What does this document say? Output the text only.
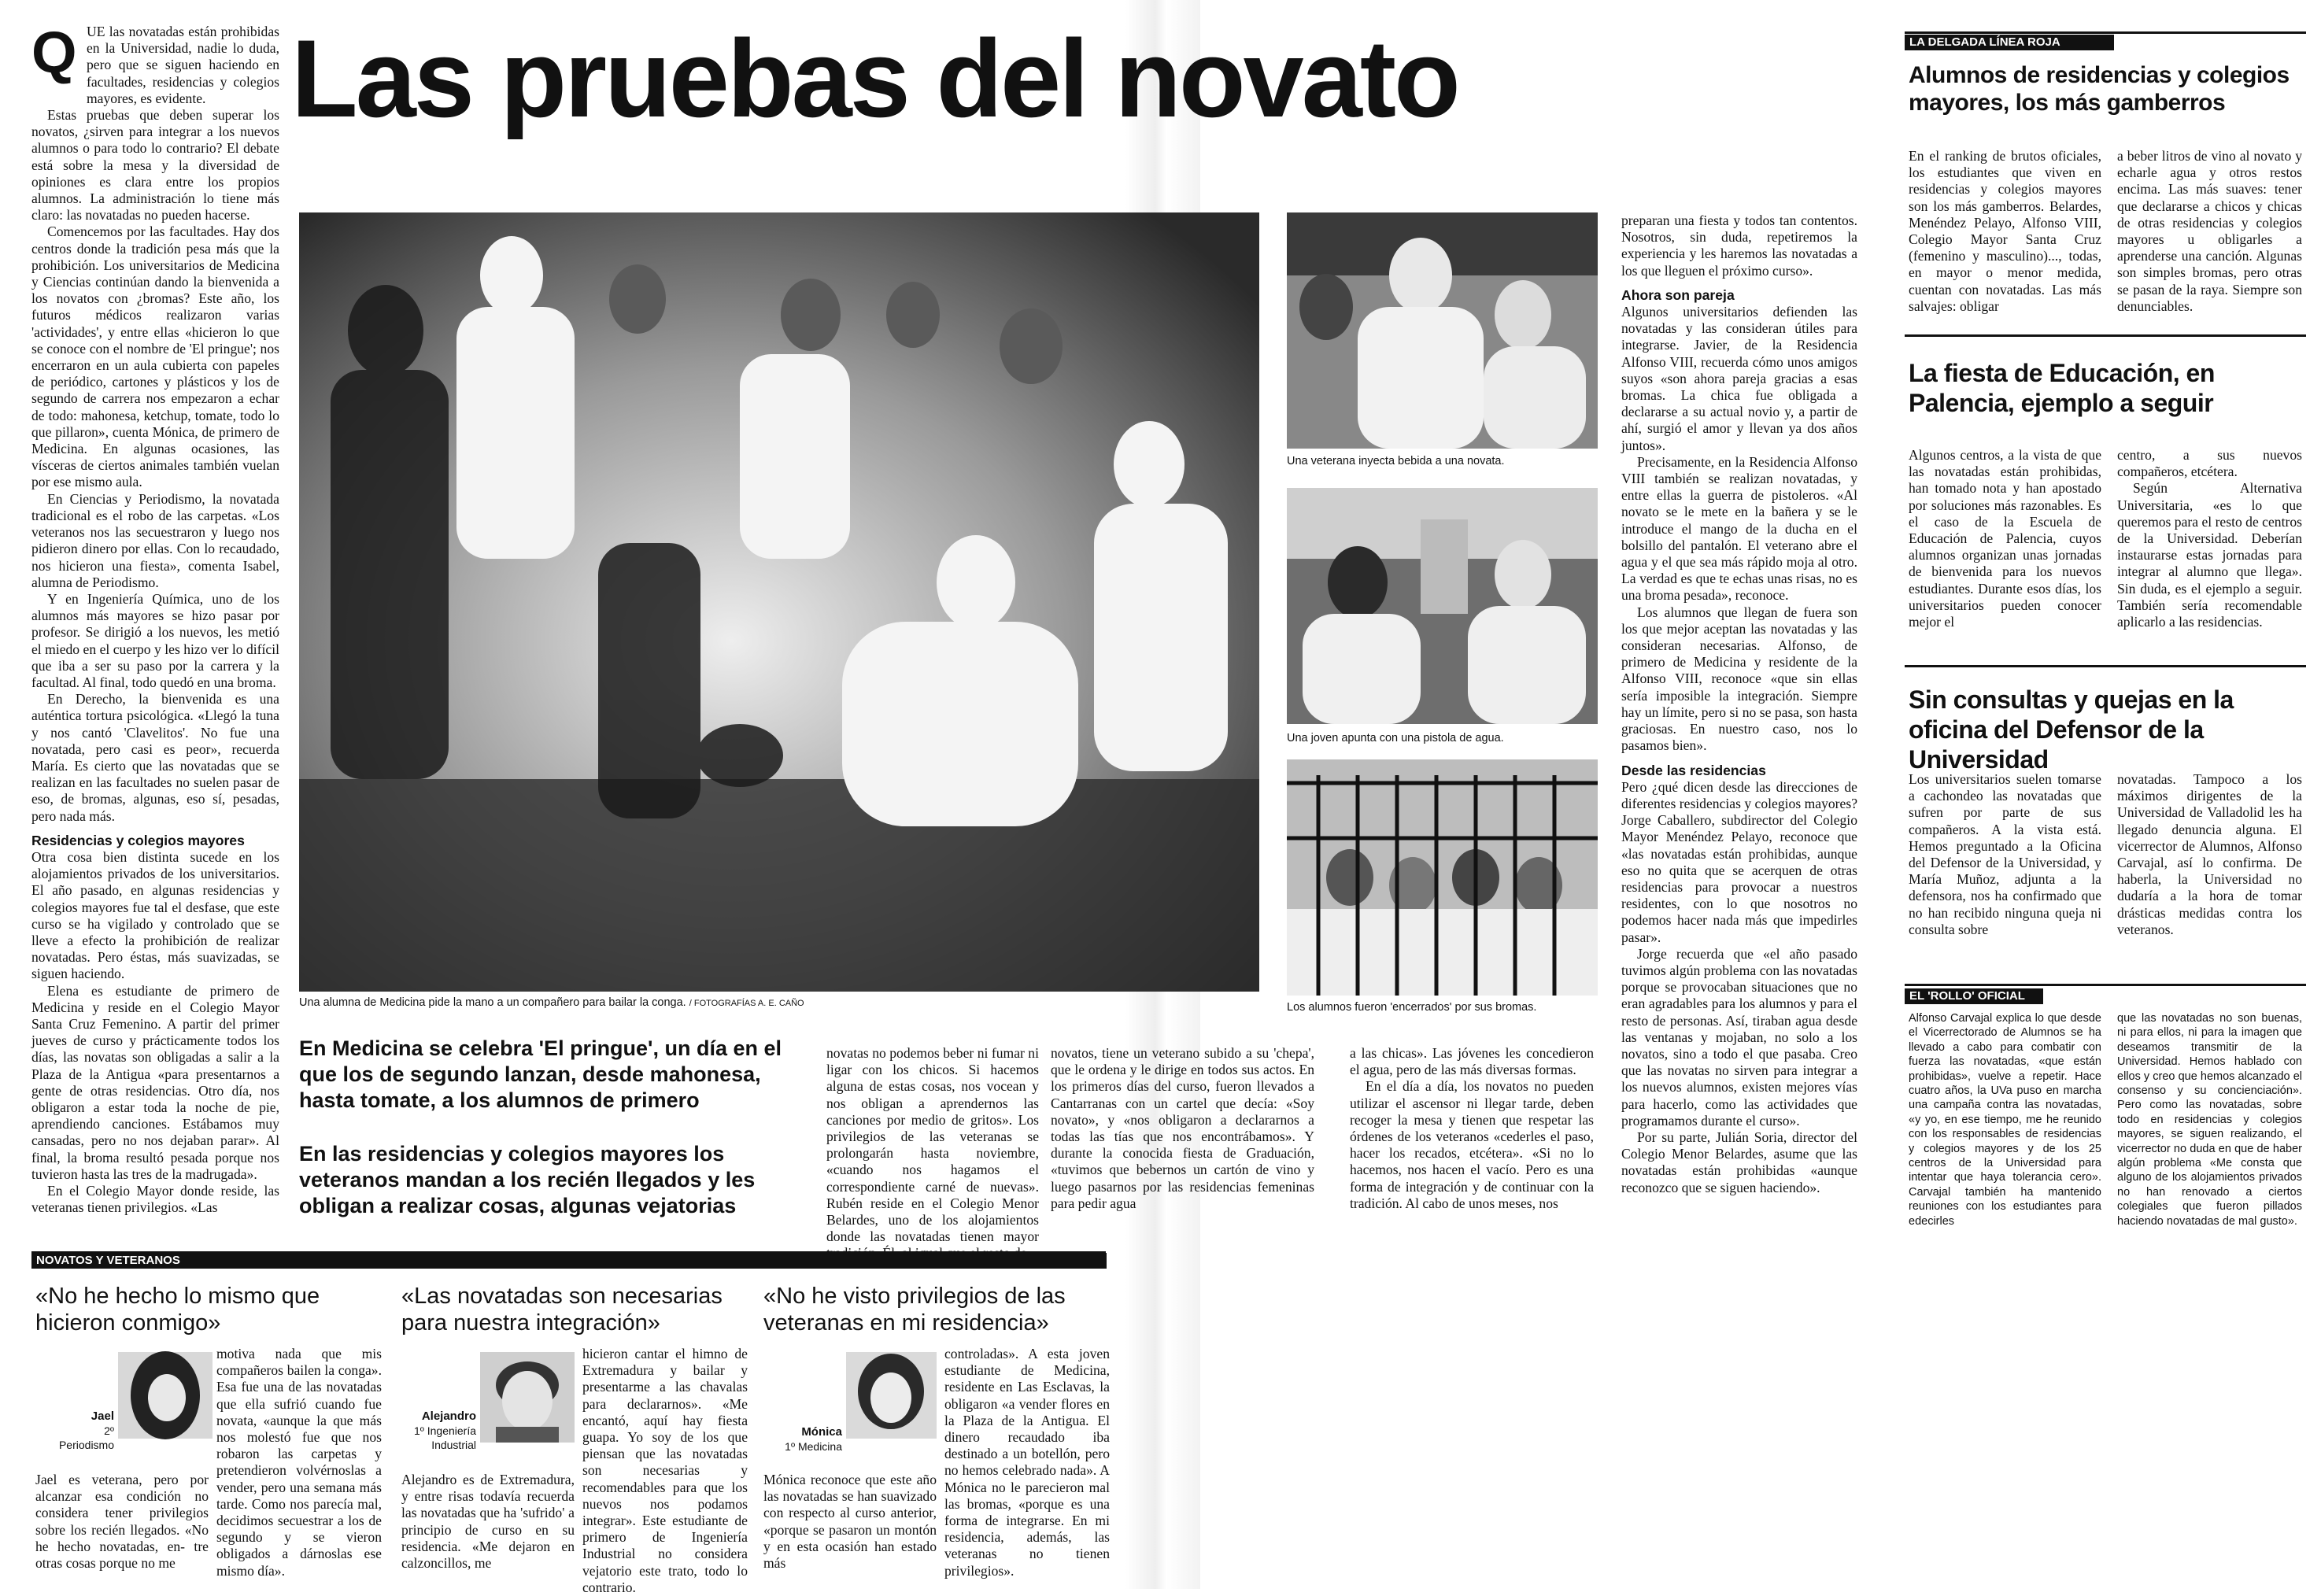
Q Las pruebas del novato

UE las novatadas están prohibidas en la Universidad, nadie lo duda, pero que se siguen haciendo en facultades, residencias y colegios mayores, es evidente.

Estas pruebas que deben superar los novatos, ¿sirven para integrar a los nuevos alumnos o para todo lo contrario? El debate está sobre la mesa y la diversidad de opiniones es clara entre los propios alumnos. La administración lo tiene más claro: las novatadas no pueden hacerse.

Comencemos por las facultades. Hay dos centros donde la tradición pesa más que la prohibición. Los universitarios de Medicina y Ciencias continúan dando la bienvenida a los novatos con ¿bromas? Este año, los futuros médicos realizaron varias 'actividades', y entre ellas «hicieron lo que se conoce con el nombre de 'El pringue'; nos encerraron en un aula cubierta con papeles de periódico, cartones y plásticos y los de segundo de carrera nos empezaron a echar de todo: mahonesa, ketchup, tomate, todo lo que pillaron», cuenta Mónica, de primero de Medicina. En algunas ocasiones, las vísceras de ciertos animales también vuelan por ese mismo aula.

En Ciencias y Periodismo, la novatada tradicional es el robo de las carpetas. «Los veteranos nos las secuestraron y luego nos pidieron dinero por ellas. Con lo recaudado, nos hicieron una fiesta», comenta Isabel, alumna de Periodismo.

Y en Ingeniería Química, uno de los alumnos más mayores se hizo pasar por profesor. Se dirigió a los nuevos, les metió el miedo en el cuerpo y les hizo ver lo difícil que iba a ser su paso por la carrera y la facultad. Al final, todo quedó en una broma.

En Derecho, la bienvenida es una auténtica tortura psicológica. «Llegó la tuna y nos cantó 'Clavelitos'. No fue una novatada, pero casi es peor», recuerda María. Es cierto que las novatadas que se realizan en las facultades no suelen pasar de eso, de bromas, algunas, eso sí, pesadas, pero nada más.

Residencias y colegios mayores

Otra cosa bien distinta sucede en los alojamientos privados de los universitarios. El año pasado, en algunas residencias y colegios mayores fue tal el desfase, que este curso se ha vigilado y controlado que se lleve a efecto la prohibición de realizar novatadas. Pero éstas, más suavizadas, se siguen haciendo.

Elena es estudiante de primero de Medicina y reside en el Colegio Mayor Santa Cruz Femenino. A partir del primer jueves de curso y prácticamente todos los días, las novatas son obligadas a salir a la Plaza de la Antigua «para presentarnos a gente de otras residencias. Otro día, nos obligaron a estar toda la noche de pie, aprendiendo canciones. Estábamos muy cansadas, pero no nos dejaban parar». Al final, la broma resultó pesada porque nos tuvieron hasta las tres de la madrugada».

En el Colegio Mayor donde reside, las veteranas tienen privilegios. «Las

Una alumna de Medicina pide la mano a un compañero para bailar la conga. / FOTOGRAFÍAS A. E. CAÑO
Una veterana inyecta bebida a una novata.
Una joven apunta con una pistola de agua.
Los alumnos fueron 'encerrados' por sus bromas.
En Medicina se celebra 'El pringue', un día en el que los de segundo lanzan, desde mahonesa, hasta tomate, a los alumnos de primero
En las residencias y colegios mayores los veteranos mandan a los recién llegados y les obligan a realizar cosas, algunas vejatorias

novatas no podemos beber ni fumar ni ligar con los chicos. Si hacemos alguna de estas cosas, nos vocean y nos obligan a aprendernos las canciones por medio de gritos». Los privilegios de las veteranas se prolongarán hasta noviembre, «cuando nos hagamos el correspondiente carné de nuevas». Rubén reside en el Colegio Menor Belardes, uno de los alojamientos donde las novatadas tienen mayor

novatos, tiene un veterano subido a su 'chepa', que le ordena y le dirige en todos sus actos. En los primeros días del curso, fueron llevados a Cantarranas con un cartel que decía: «Soy novato», y «nos obligaron a declararnos a todas las tías que nos encontrábamos». Y durante la conocida fiesta de Graduación, «tuvimos que bebernos un cartón de vino y luego pasarnos por las residencias femeninas para pedir agua

a las chicas». Las jóvenes les concedieron el agua, pero de las más diversas formas.

En el día a día, los novatos no pueden utilizar el ascensor ni llegar tarde, deben recoger la mesa y tienen que respetar las órdenes de los veteranos «cederles el paso, hacer los recados, etcétera». «Si no lo hacemos, nos hacen el vacío. Pero es una forma de integración y de continuar con la tradición. Al cabo de unos meses, nos

preparan una fiesta y todos tan contentos. Nosotros, sin duda, repetiremos la experiencia y les haremos las novatadas a los que lleguen el próximo curso».

Ahora son pareja

Algunos universitarios defienden las novatadas y las consideran útiles para integrarse. Javier, de la Residencia Alfonso VIII, recuerda cómo unos amigos suyos «son ahora pareja gracias a esas bromas. La chica fue obligada a declararse a su actual novio y, a partir de ahí, surgió el amor y llevan ya dos años juntos».

Precisamente, en la Residencia Alfonso VIII también se realizan novatadas, y entre ellas la guerra de pistoleros. «Al novato se le mete en la bañera y se le introduce el mango de la ducha en el bolsillo del pantalón. El veterano abre el agua y el que sea más rápido moja al otro. La verdad es que te echas unas risas, no es una broma pesada», reconoce.

Los alumnos que llegan de fuera son los que mejor aceptan las novatadas y las consideran necesarias. Alfonso, de primero de Medicina y residente de la Alfonso VIII, reconoce «que sin ellas sería imposible la integración. Siempre hay un límite, pero si no se pasa, son hasta graciosas. En nuestro caso, nos lo pasamos bien».

Desde las residencias

Pero ¿qué dicen desde las direcciones de diferentes residencias y colegios mayores? Jorge Caballero, subdirector del Colegio Mayor Menéndez Pelayo, reconoce que «las novatadas están prohibidas, aunque eso no quita que se acerquen de otras residencias para provocar a nuestros residentes, con lo que nosotros no podemos hacer nada más que impedirles pasar».

Jorge recuerda que «el año pasado tuvimos algún problema con las novatadas porque se provocaban situaciones que no eran agradables para los alumnos y para el resto de personas. Así, tiraban agua desde las ventanas y mojaban, no solo a los novatos, sino a todo el que pasaba. Creo que las novatas no sirven para integrar a los nuevos alumnos, existen mejores vías para hacerlo, como las actividades que programamos durante el curso».

Por su parte, Julián Soria, director del Colegio Menor Belardes, asume que las novatadas están prohibidas «aunque reconozco que se siguen haciendo».

LA DELGADA LÍNEA ROJA
Alumnos de residencias y colegios mayores, los más gamberros

En el ranking de brutos oficiales, los estudiantes que viven en residencias y colegios mayores son los más gamberros. Belardes, Menéndez Pelayo, Alfonso VIII, Colegio Mayor Santa Cruz (femenino y masculino)..., todas, en mayor o menor medida, cuentan con novatadas. Las más salvajes: obligar

a beber litros de vino al novato y echarle agua y otros restos encima. Las más suaves: tener que declararse a chicos y chicas de otras residencias y colegios mayores u obligarles a aprenderse una canción. Algunas son simples bromas, pero otras se pasan de la raya. Siempre son denunciables.

La fiesta de Educación, en Palencia, ejemplo a seguir

Algunos centros, a la vista de que las novatadas están prohibidas, han tomado nota y han apostado por soluciones más razonables. Es el caso de la Escuela de Educación de Palencia, cuyos alumnos organizan unas jornadas de bienvenida para los nuevos estudiantes. Durante esos días, los universitarios pueden conocer mejor el

centro, a sus nuevos compañeros, etcétera.

Según Alternativa Universitaria, «es lo que queremos para el resto de centros de la Universidad. Deberían instaurarse estas jornadas para integrar al alumno que llega». Sin duda, es el ejemplo a seguir. También sería recomendable aplicarlo a las residencias.

Sin consultas y quejas en la oficina del Defensor de la Universidad

Los universitarios suelen tomarse a cachondeo las novatadas que sufren por parte de sus compañeros. A la vista está. Hemos preguntado a la Oficina del Defensor de la Universidad, y María Muñoz, adjunta a la defensora, nos ha confirmado que no han recibido ninguna queja ni consulta sobre

novatadas. Tampoco a los máximos dirigentes de la Universidad de Valladolid les ha llegado denuncia alguna. El vicerrector de Alumnos, Alfonso Carvajal, así lo confirma. De haberla, la Universidad no dudaría a la hora de tomar drásticas medidas contra los veteranos.

EL 'ROLLO' OFICIAL

Alfonso Carvajal explica lo que desde el Vicerrectorado de Alumnos se ha llevado a cabo para combatir con fuerza las novatadas, «que están prohibidas», vuelve a repetir. Hace cuatro años, la UVa puso en marcha una campaña contra las novatadas, «y yo, en ese tiempo, me he reunido con los responsables de residencias y colegios mayores y de los 25 centros de la Universidad para intentar que haya tolerancia cero». Carvajal también ha mantenido reuniones con los estudiantes para edecirles

que las novatadas no son buenas, ni para ellos, ni para la imagen que deseamos transmitir de la Universidad. Hemos hablado con ellos y creo que hemos alcanzado el consenso y su concienciación». Pero como las novatadas, sobre todo en residencias y colegios mayores, se siguen realizando, el vicerrector no duda en que de haber algún problema «Me consta que alguno de los alojamientos privados no han renovado a ciertos colegiales que fueron pillados haciendo novatadas de mal gusto».

NOVATOS Y VETERANOS
«No he hecho lo mismo que hicieron conmigo»
Jael
2º
Periodismo

Jael es veterana, pero por alcanzar esa condición no considera tener privilegios sobre los recién llegados. «No he hecho novatadas, en- tre otras cosas porque no me

motiva nada que mis compañeros bailen la conga». Esa fue una de las novatadas que ella sufrió cuando fue novata, «aunque la que más nos molestó fue que nos robaron las carpetas y pretendieron volvérnoslas a vender, pero una semana más tarde. Como nos parecía mal, decidimos secuestrar a los de segundo y se vieron obligados a dárnoslas ese mismo día».

«Las novatadas son necesarias para nuestra integración»
Alejandro
1º Ingeniería
Industrial

Alejandro es de Extremadura, y entre risas todavía recuerda las novatadas que ha 'sufrido' a principio de curso en su residencia. «Me dejaron en calzoncillos, me

hicieron cantar el himno de Extremadura y bailar y presentarme a las chavalas para declararnos». «Me encantó, aquí hay fiesta guapa. Yo soy de los que piensan que las novatadas son necesarias y recomendables para que los nuevos nos podamos integrar». Este estudiante de primero de Ingeniería Industrial no considera vejatorio este trato, todo lo contrario.

«No he visto privilegios de las veteranas en mi residencia»
Mónica
1º Medicina

Mónica reconoce que este año las novatadas se han suavizado con respecto al curso anterior, «porque se pasaron un montón y en esta ocasión han estado más

controladas». A esta joven estudiante de Medicina, residente en Las Esclavas, la obligaron «a vender flores en la Plaza de la Antigua. El dinero recaudado iba destinado a un botellón, pero no hemos celebrado nada». A Mónica no le parecieron mal las bromas, «porque es una forma de integrarse. En mi residencia, además, las veteranas no tienen privilegios».
